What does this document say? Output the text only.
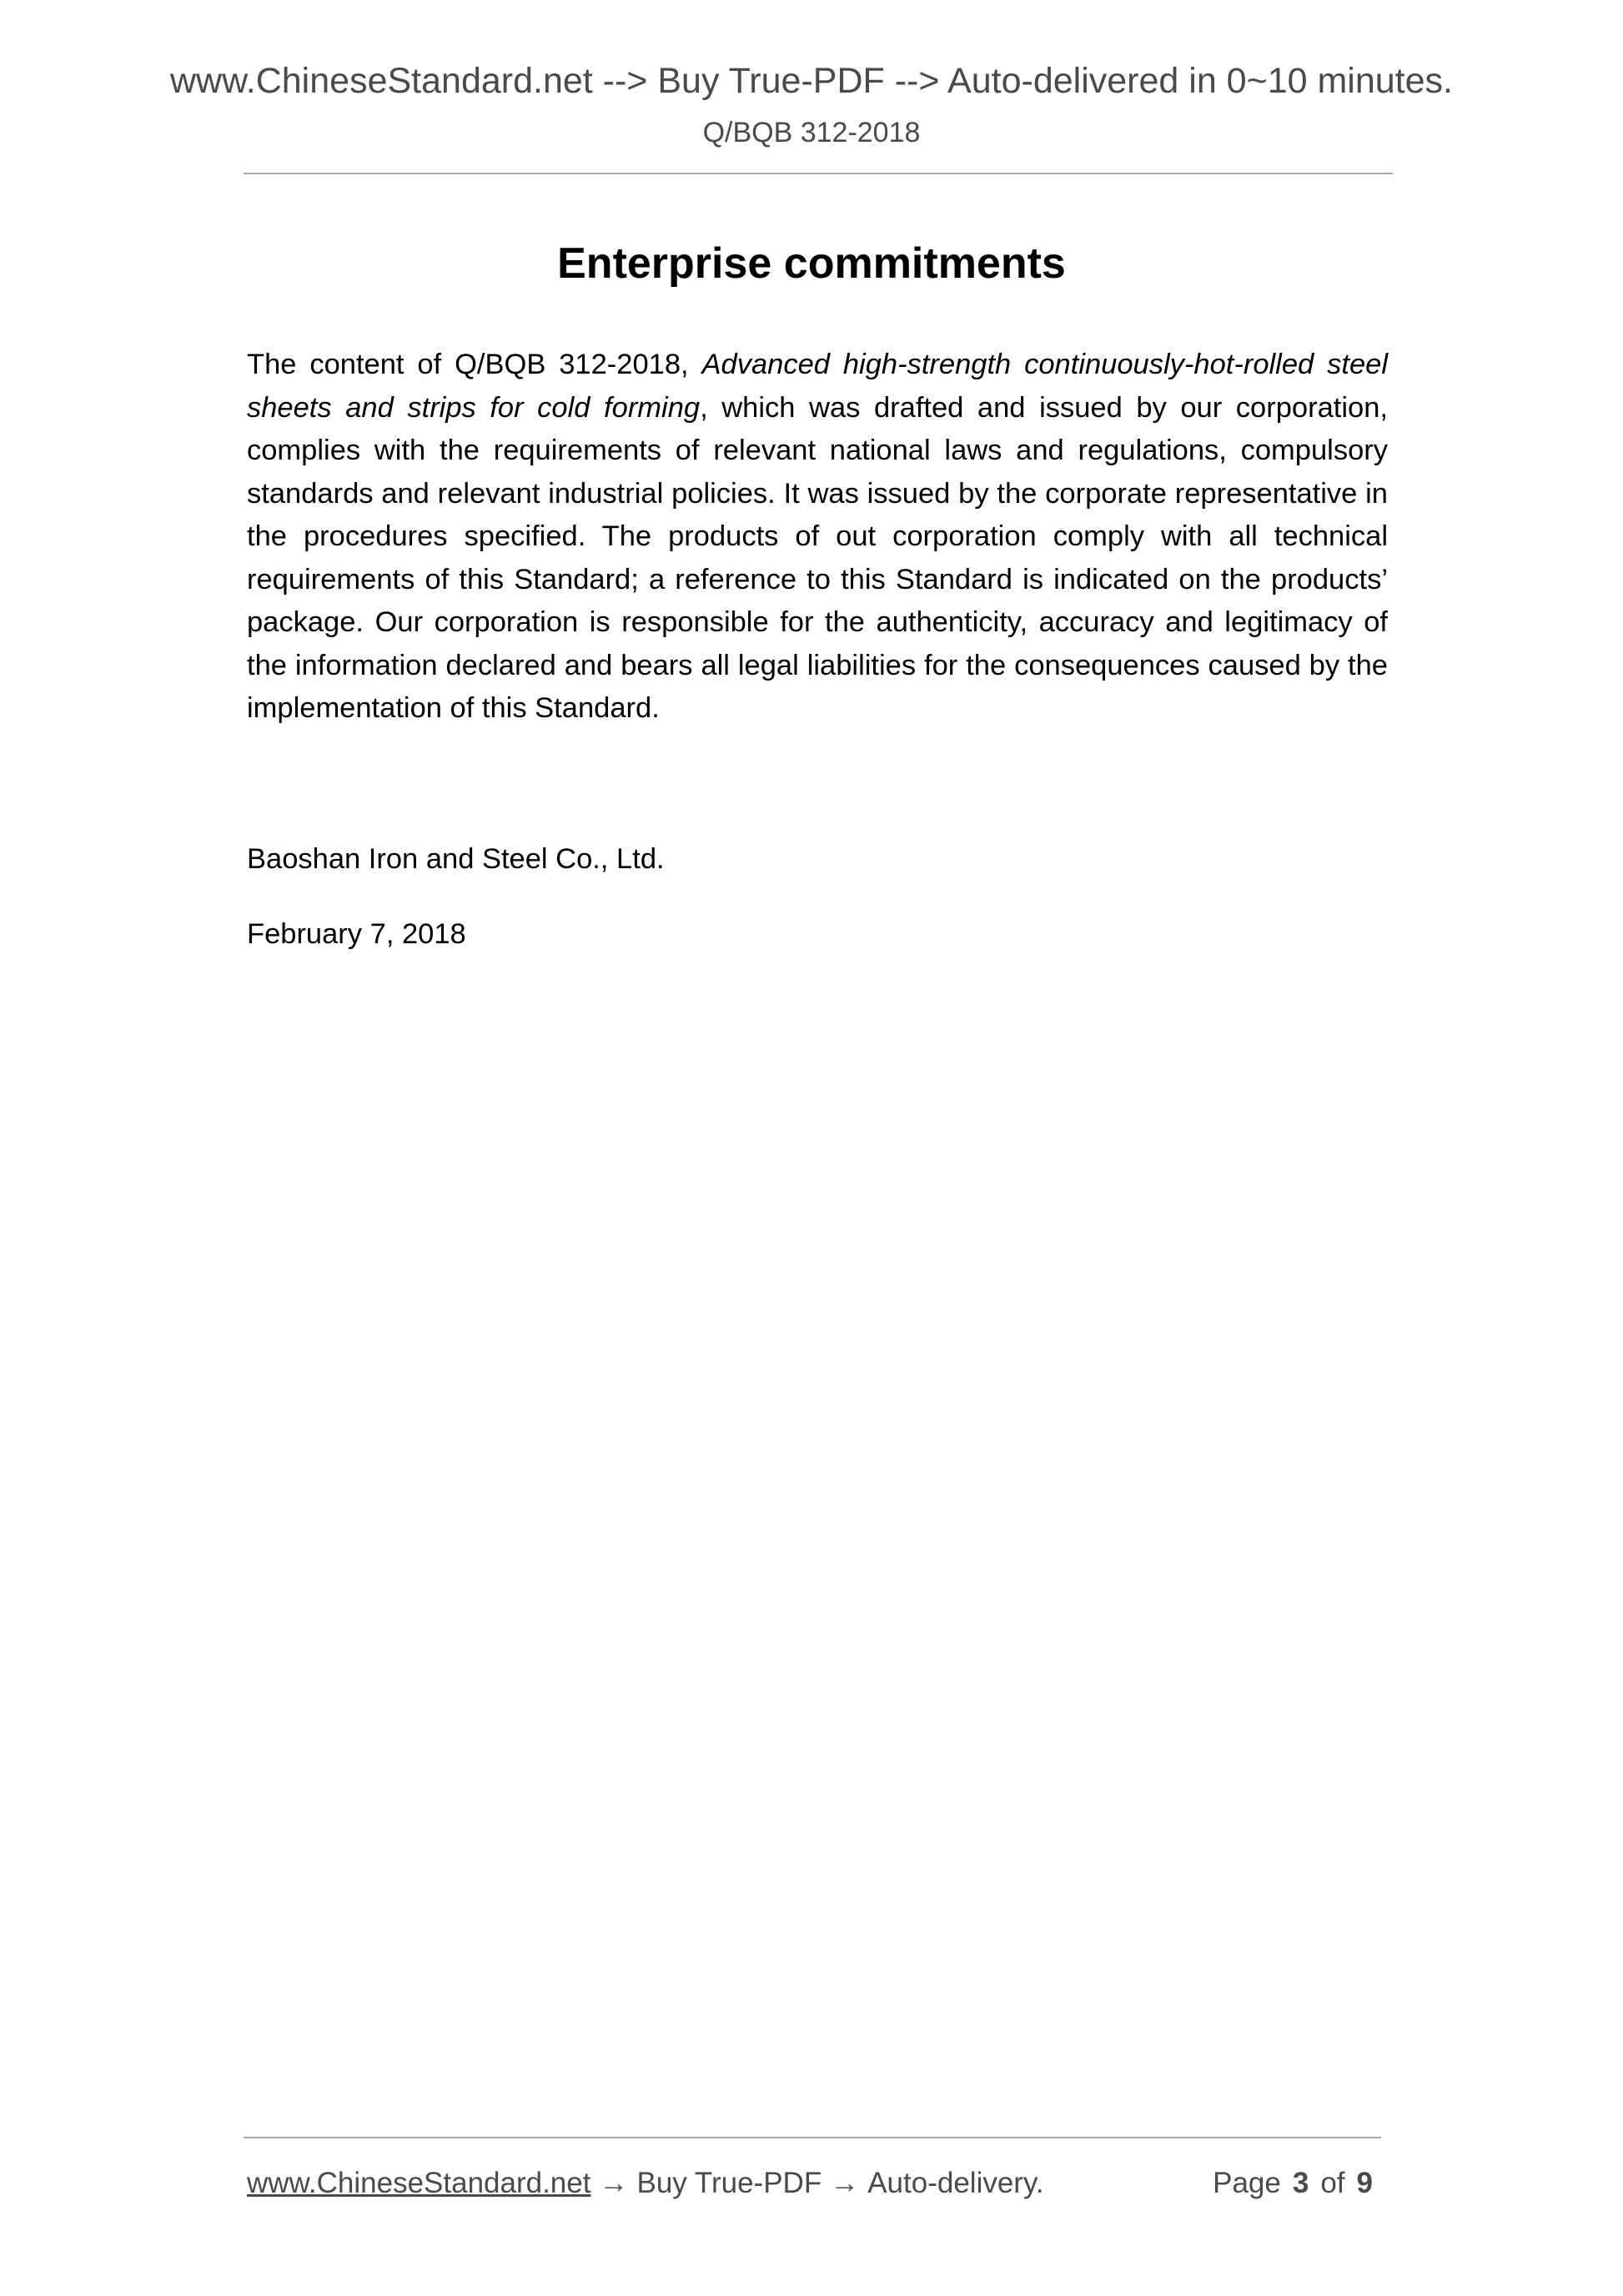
www.ChineseStandard.net --> Buy True-PDF --> Auto-delivered in 0~10 minutes.
Q/BQB 312-2018
Enterprise commitments

The content of Q/BQB 312-2018, Advanced high-strength continuously-hot-rolled steel sheets and strips for cold forming, which was drafted and issued by our corporation, complies with the requirements of relevant national laws and regulations, compulsory standards and relevant industrial policies. It was issued by the corporate representative in the procedures specified. The products of out corporation comply with all technical requirements of this Standard; a reference to this Standard is indicated on the products’ package. Our corporation is responsible for the authenticity, accuracy and legitimacy of the information declared and bears all legal liabilities for the consequences caused by the implementation of this Standard.

Baoshan Iron and Steel Co., Ltd.
February 7, 2018
www.ChineseStandard.net → Buy True-PDF → Auto-delivery.	Page 3 of 9
